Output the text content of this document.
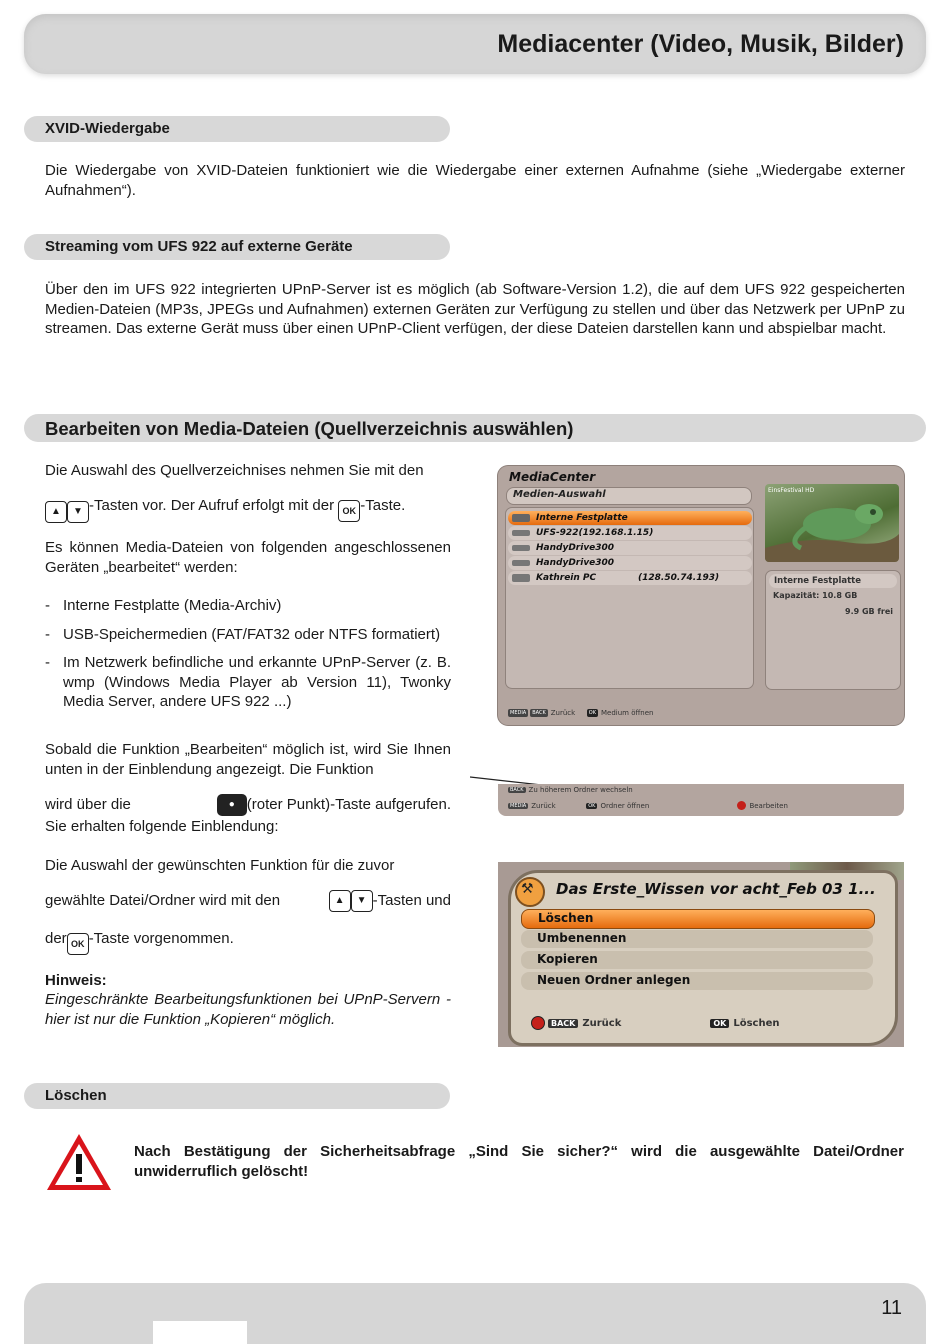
Mediacenter (Video, Musik, Bilder)
XVID-Wiedergabe
Die Wiedergabe von XVID-Dateien funktioniert wie die Wiedergabe einer externen Aufnahme (siehe „Wiedergabe externer Aufnahmen“).
Streaming vom UFS 922 auf externe Geräte
Über den im UFS 922 integrierten UPnP-Server ist es möglich (ab Software-Version 1.2), die auf dem UFS 922 gespeicherten Medien-Dateien (MP3s, JPEGs und Aufnahmen) externen Geräten zur Verfügung zu stellen und über das Netzwerk per UPnP zu streamen. Das externe Gerät muss über einen UPnP-Client verfügen, der diese Dateien darstellen kann und abspielbar macht.
Bearbeiten von Media-Dateien (Quellverzeichnis auswählen)
Die Auswahl des Quellverzeichnises nehmen Sie mit den
▲ ▼ -Tasten vor. Der Aufruf erfolgt mit der OK -Taste.
Es können Media-Dateien von folgenden angeschlossenen Geräten „bearbeitet“ werden:
- Interne Festplatte (Media-Archiv)
- USB-Speichermedien (FAT/FAT32 oder NTFS formatiert)
- Im Netzwerk befindliche und erkannte UPnP-Server (z. B. wmp (Windows Media Player ab Version 11), Twonky Media Server, andere UFS 922 ...)
Sobald die Funktion „Bearbeiten“ möglich ist, wird Sie Ihnen unten in der Einblendung angezeigt. Die Funktion
wird über die	● (roter Punkt)-Taste aufgerufen.
Sie erhalten folgende Einblendung:
Die Auswahl der gewünschten Funktion für die zuvor
gewählte Datei/Ordner wird mit den	▲	▼ -Tasten und
der OK -Taste vorgenommen.
Hinweis:
Eingeschränkte Bearbeitungsfunktionen bei UPnP-Servern - hier ist nur die Funktion „Kopieren“ möglich.
MediaCenter
Medien-Auswahl
Interne Festplatte
UFS-922(192.168.1.15)
HandyDrive300
HandyDrive300
Kathrein PC	(128.50.74.193)
EinsFestival HD
Interne Festplatte
Kapazität: 10.8 GB
9.9 GB frei
MEDIA	BACK Zurück	OK Medium öffnen
BACK Zu höherem Ordner wechseln
MEDIA Zurück	OK Ordner öffnen	Bearbeiten
⚒ Das Erste_Wissen vor acht_Feb 03 1...
Löschen
Umbenennen
Kopieren
Neuen Ordner anlegen
BACK Zurück	OK Löschen
Löschen
Nach Bestätigung der Sicherheitsabfrage „Sind Sie sicher?“ wird die ausgewählte Datei/Ordner unwiderruflich gelöscht!
11
